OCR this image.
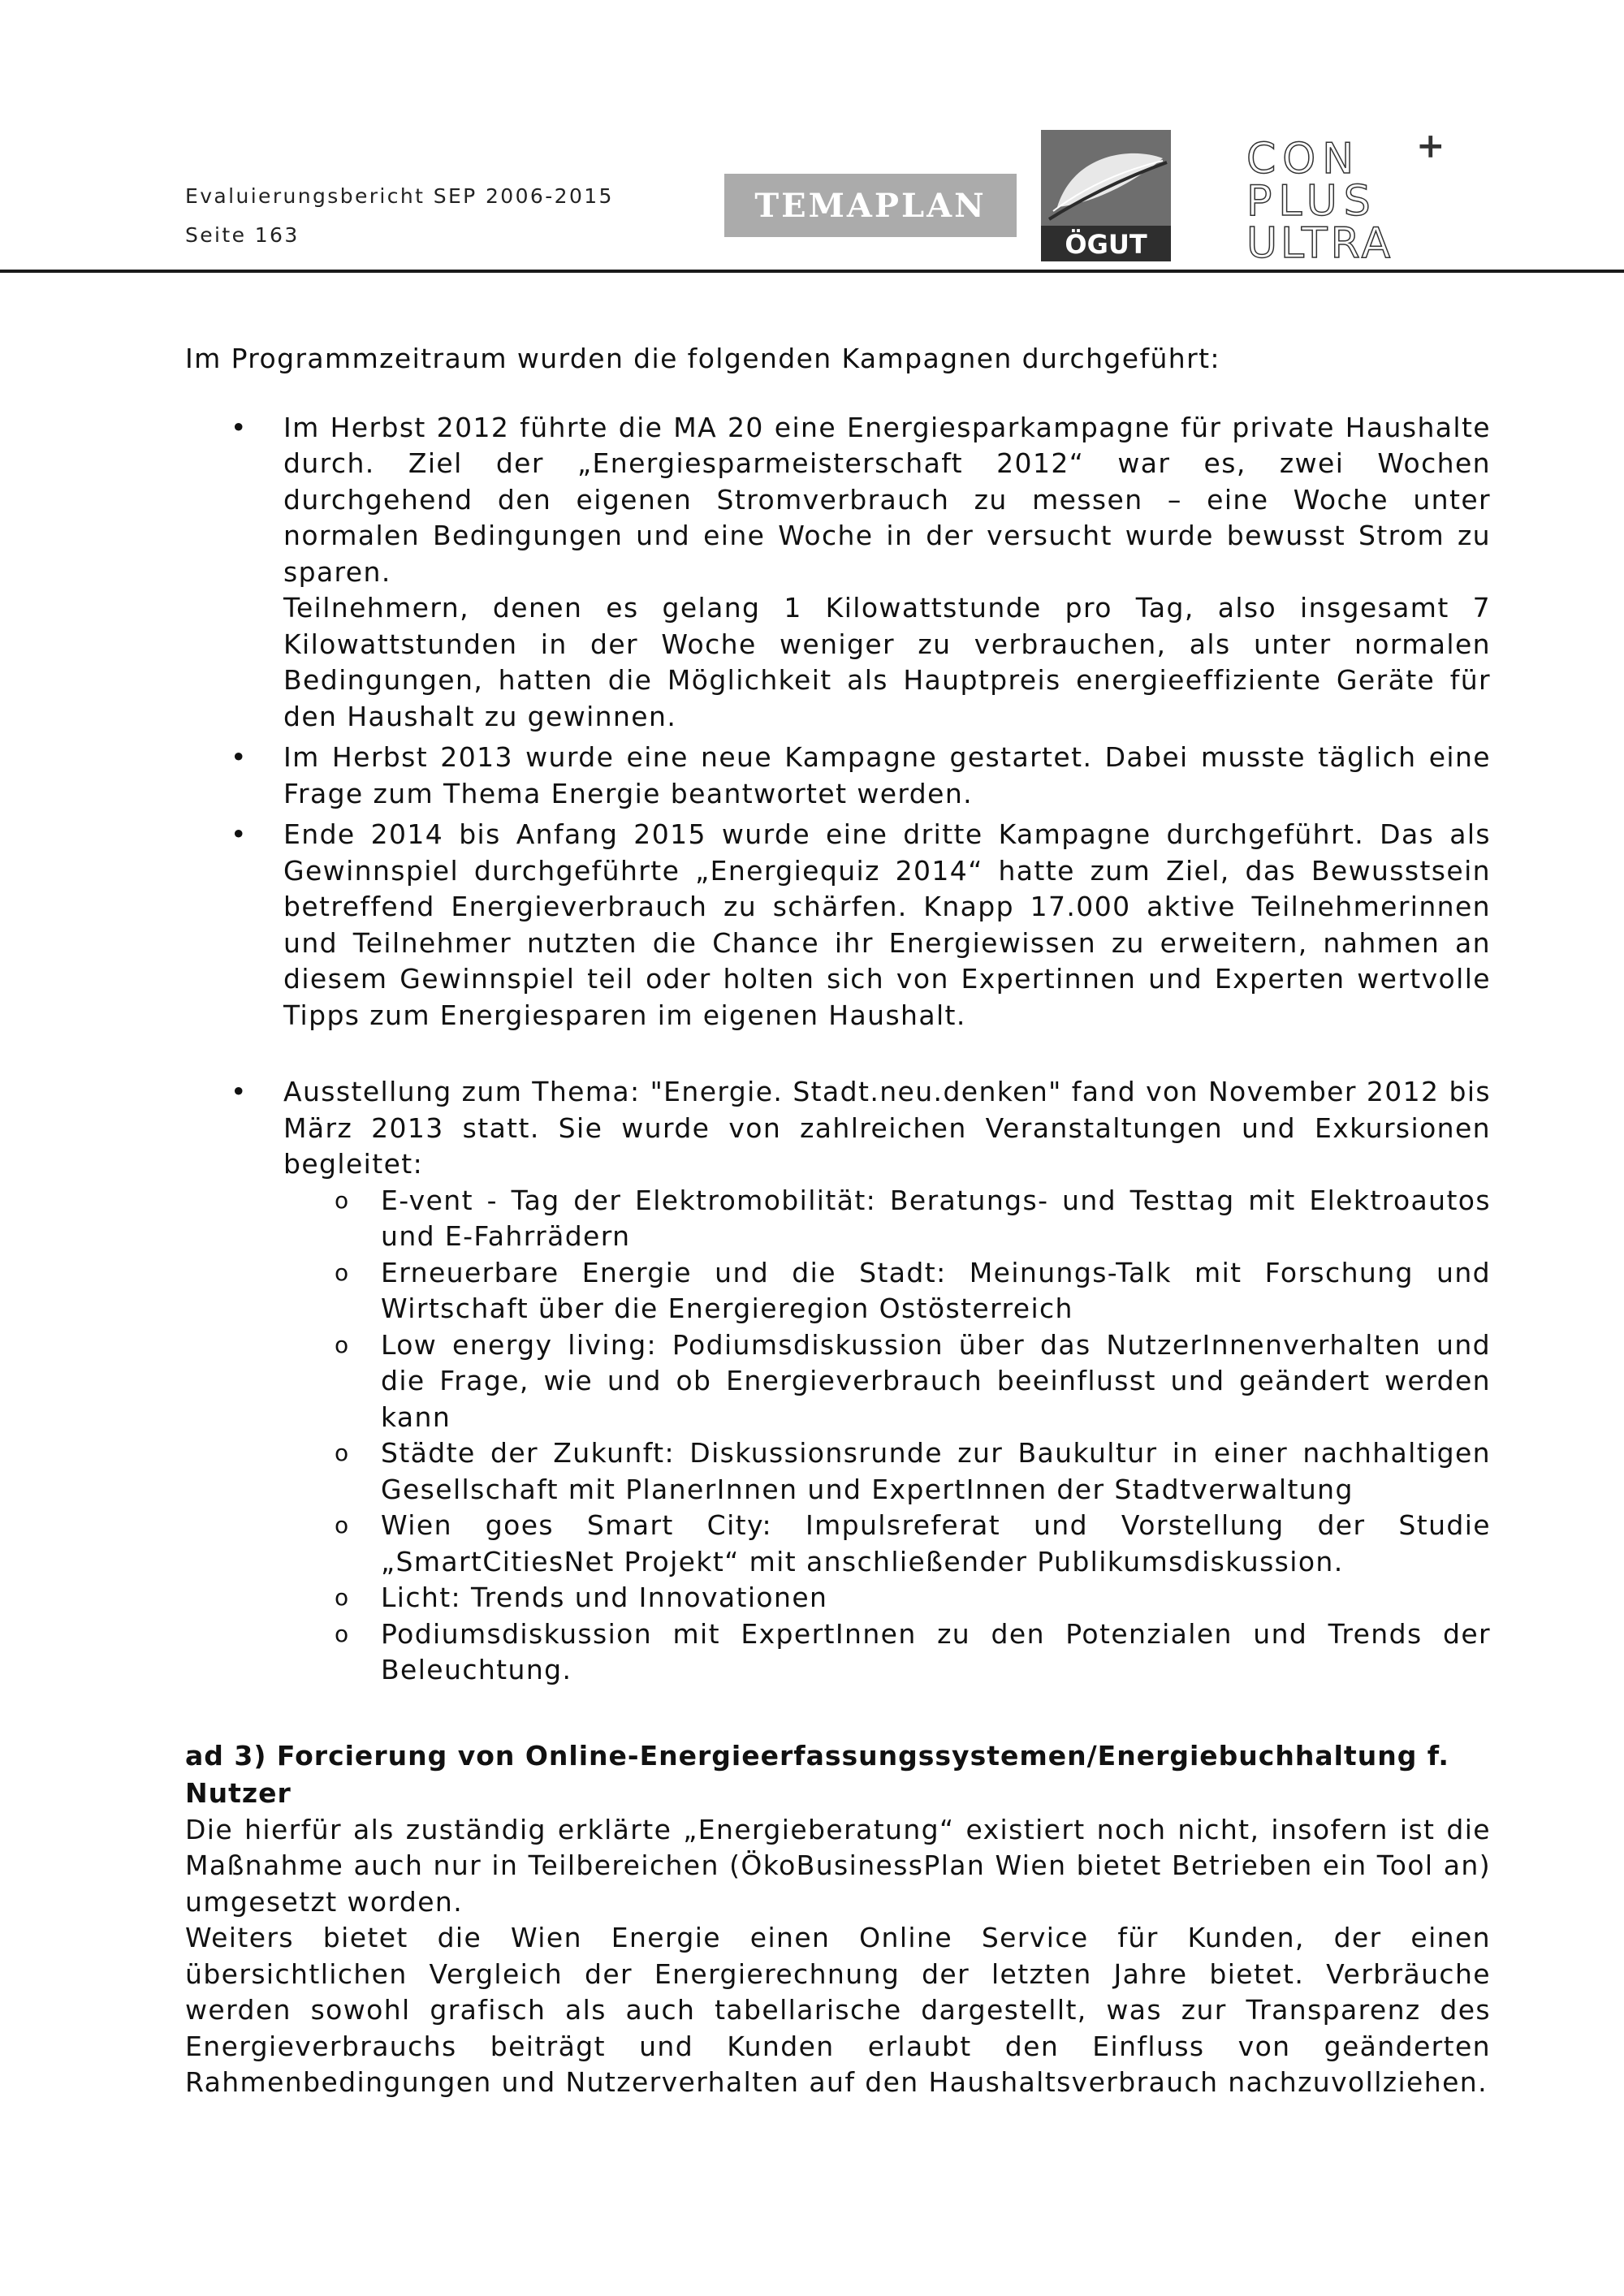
Evaluierungsbericht SEP 2006-2015
Seite 163
TEMAPLAN
ÖGUT
CON
PLUS
ULTRA
+

Im Programmzeitraum wurden die folgenden Kampagnen durchgeführt:

• Im Herbst 2012 führte die MA 20 eine Energiesparkampagne für private Haushalte durch. Ziel der „Energiesparmeisterschaft 2012“ war es, zwei Wochen durchgehend den eigenen Stromverbrauch zu messen – eine Woche unter normalen Bedingungen und eine Woche in der versucht wurde bewusst Strom zu sparen.
Teilnehmern, denen es gelang 1 Kilowattstunde pro Tag, also insgesamt 7 Kilowattstunden in der Woche weniger zu verbrauchen, als unter normalen Bedingungen, hatten die Möglichkeit als Hauptpreis energieeffiziente Geräte für den Haushalt zu gewinnen.
• Im Herbst 2013 wurde eine neue Kampagne gestartet. Dabei musste täglich eine Frage zum Thema Energie beantwortet werden.
• Ende 2014 bis Anfang 2015 wurde eine dritte Kampagne durchgeführt. Das als Gewinnspiel durchgeführte „Energiequiz 2014“ hatte zum Ziel, das Bewusstsein betreffend Energieverbrauch zu schärfen. Knapp 17.000 aktive Teilnehmerinnen und Teilnehmer nutzten die Chance ihr Energiewissen zu erweitern, nahmen an diesem Gewinnspiel teil oder holten sich von Expertinnen und Experten wertvolle Tipps zum Energiesparen im eigenen Haushalt.
• Ausstellung zum Thema: "Energie. Stadt.neu.denken" fand von November 2012 bis März 2013 statt. Sie wurde von zahlreichen Veranstaltungen und Exkursionen begleitet:
o E-vent - Tag der Elektromobilität: Beratungs- und Testtag mit Elektroautos und E-Fahrrädern
o Erneuerbare Energie und die Stadt: Meinungs-Talk mit Forschung und Wirtschaft über die Energieregion Ostösterreich
o Low energy living: Podiumsdiskussion über das NutzerInnenverhalten und die Frage, wie und ob Energieverbrauch beeinflusst und geändert werden kann
o Städte der Zukunft: Diskussionsrunde zur Baukultur in einer nachhaltigen Gesellschaft mit PlanerInnen und ExpertInnen der Stadtverwaltung
o Wien goes Smart City: Impulsreferat und Vorstellung der Studie „SmartCitiesNet Projekt“ mit anschließender Publikumsdiskussion.
o Licht: Trends und Innovationen
o Podiumsdiskussion mit ExpertInnen zu den Potenzialen und Trends der Beleuchtung.
ad 3) Forcierung von Online-Energieerfassungssystemen/Energiebuchhaltung f. Nutzer

Die hierfür als zuständig erklärte „Energieberatung“ existiert noch nicht, insofern ist die Maßnahme auch nur in Teilbereichen (ÖkoBusinessPlan Wien bietet Betrieben ein Tool an) umgesetzt worden.

Weiters bietet die Wien Energie einen Online Service für Kunden, der einen übersichtlichen Vergleich der Energierechnung der letzten Jahre bietet. Verbräuche werden sowohl grafisch als auch tabellarische dargestellt, was zur Transparenz des Energieverbrauchs beiträgt und Kunden erlaubt den Einfluss von geänderten Rahmenbedingungen und Nutzerverhalten auf den Haushaltsverbrauch nachzuvollziehen.
